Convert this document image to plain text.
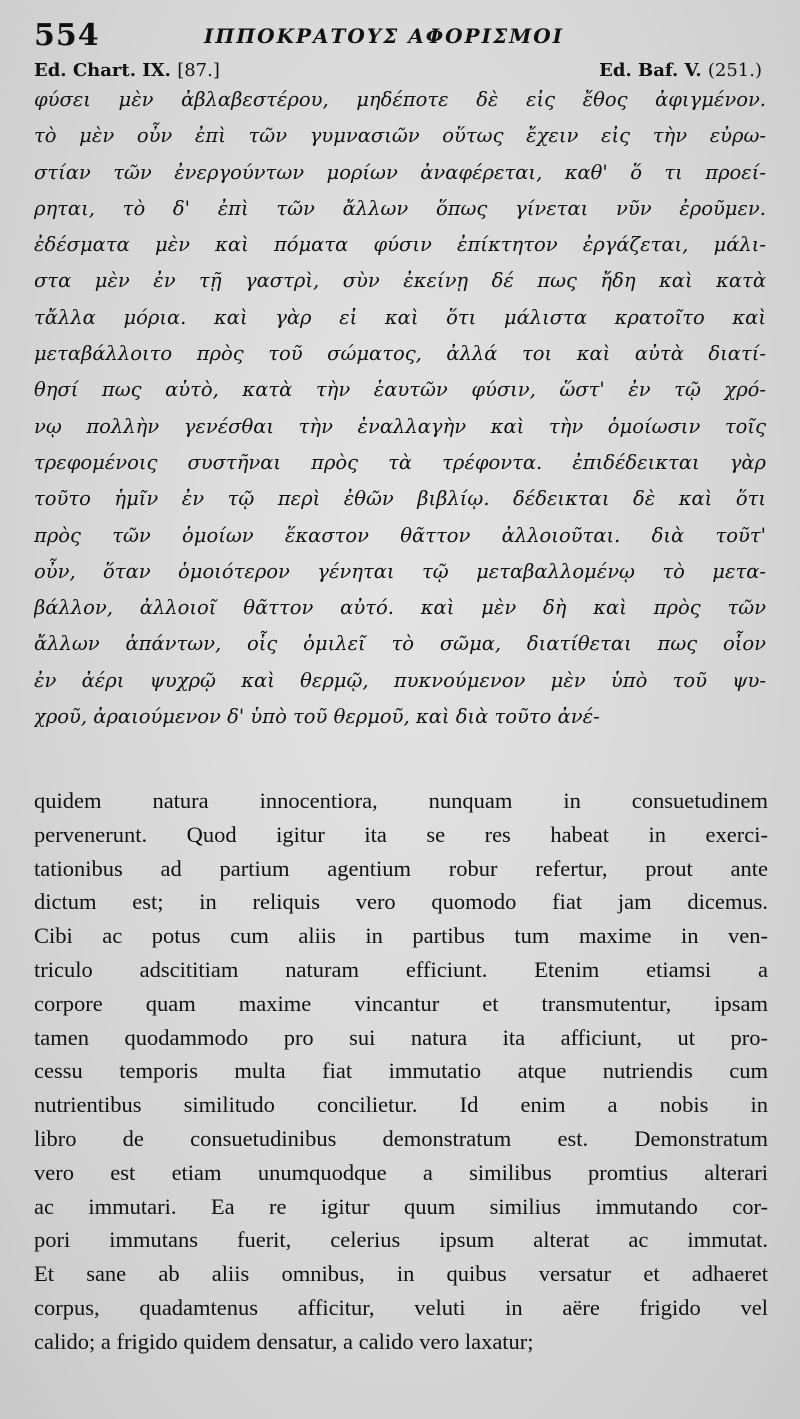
554	ΙΠΠΟΚΡΑΤΟΥΣ ΑΦΟΡΙΣΜΟΙ
Ed. Chart. IX. [87.]	Ed. Baf. V. (251.)
φύσει μὲν ἀβλαβεστέρου, μηδέποτε δὲ εἰς ἔθος ἀφιγμένον.
τὸ μὲν οὖν ἐπὶ τῶν γυμνασιῶν οὕτως ἔχειν εἰς τὴν εὐρω-
στίαν τῶν ἐνεργούντων μορίων ἀναφέρεται, καθ' ὅ τι προεί-
ρηται, τὸ δ' ἐπὶ τῶν ἄλλων ὅπως γίνεται νῦν ἐροῦμεν.
ἐδέσματα μὲν καὶ πόματα φύσιν ἐπίκτητον ἐργάζεται, μάλι-
στα μὲν ἐν τῇ γαστρὶ, σὺν ἐκείνῃ δέ πως ἤδη καὶ κατὰ
τἄλλα μόρια. καὶ γὰρ εἰ καὶ ὅτι μάλιστα κρατοῖτο καὶ
μεταβάλλοιτο πρὸς τοῦ σώματος, ἀλλά τοι καὶ αὐτὰ διατί-
θησί πως αὐτὸ, κατὰ τὴν ἑαυτῶν φύσιν, ὥστ' ἐν τῷ χρό-
νῳ πολλὴν γενέσθαι τὴν ἐναλλαγὴν καὶ τὴν ὁμοίωσιν τοῖς
τρεφομένοις συστῆναι πρὸς τὰ τρέφοντα. ἐπιδέδεικται γὰρ
τοῦτο ἡμῖν ἐν τῷ περὶ ἐθῶν βιβλίῳ. δέδεικται δὲ καὶ ὅτι
πρὸς τῶν ὁμοίων ἕκαστον θᾶττον ἀλλοιοῦται. διὰ τοῦτ'
οὖν, ὅταν ὁμοιότερον γένηται τῷ μεταβαλλομένῳ τὸ μετα-
βάλλον, ἀλλοιοῖ θᾶττον αὐτό. καὶ μὲν δὴ καὶ πρὸς τῶν
ἄλλων ἁπάντων, οἷς ὁμιλεῖ τὸ σῶμα, διατίθεται πως οἷον
ἐν ἀέρι ψυχρῷ καὶ θερμῷ, πυκνούμενον μὲν ὑπὸ τοῦ ψυ-
χροῦ, ἀραιούμενον δ' ὑπὸ τοῦ θερμοῦ, καὶ διὰ τοῦτο ἀνέ-
quidem natura innocentiora, nunquam in consuetudinem
pervenerunt. Quod igitur ita se res habeat in exerci-
tationibus ad partium agentium robur refertur, prout ante
dictum est; in reliquis vero quomodo fiat jam dicemus.
Cibi ac potus cum aliis in partibus tum maxime in ven-
triculo adscititiam naturam efficiunt. Etenim etiamsi a
corpore quam maxime vincantur et transmutentur, ipsam
tamen quodammodo pro sui natura ita afficiunt, ut pro-
cessu temporis multa fiat immutatio atque nutriendis cum
nutrientibus similitudo concilietur. Id enim a nobis in
libro de consuetudinibus demonstratum est. Demonstratum
vero est etiam unumquodque a similibus promtius alterari
ac immutari. Ea re igitur quum similius immutando cor-
pori immutans fuerit, celerius ipsum alterat ac immutat.
Et sane ab aliis omnibus, in quibus versatur et adhaeret
corpus, quadamtenus afficitur, veluti in aëre frigido vel
calido; a frigido quidem densatur, a calido vero laxatur;
